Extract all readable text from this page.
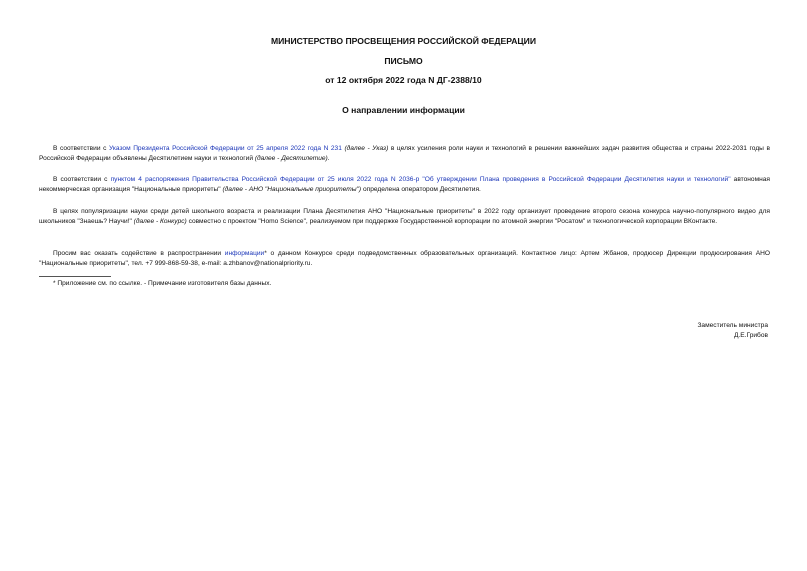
МИНИСТЕРСТВО ПРОСВЕЩЕНИЯ РОССИЙСКОЙ ФЕДЕРАЦИИ
ПИСЬМО
от 12 октября 2022 года N ДГ-2388/10
О направлении информации

В соответствии с Указом Президента Российской Федерации от 25 апреля 2022 года N 231 (далее - Указ) в целях усиления роли науки и технологий в решении важнейших задач развития общества и страны 2022-2031 годы в Российской Федерации объявлены Десятилетием науки и технологий (далее - Десятилетие).

В соответствии с пунктом 4 распоряжения Правительства Российской Федерации от 25 июля 2022 года N 2036-р "Об утверждении Плана проведения в Российской Федерации Десятилетия науки и технологий" автономная некоммерческая организация "Национальные приоритеты" (далее - АНО "Национальные приоритеты") определена оператором Десятилетия.

В целях популяризации науки среди детей школьного возраста и реализации Плана Десятилетия АНО "Национальные приоритеты" в 2022 году организует проведение второго сезона конкурса научно-популярного видео для школьников "Знаешь? Научи!" (далее - Конкурс) совместно с проектом "Homo Science", реализуемом при поддержке Государственной корпорации по атомной энергии "Росатом" и технологической корпорации ВКонтакте.

Просим вас оказать содействие в распространении информации* о данном Конкурсе среди подведомственных образовательных организаций. Контактное лицо: Артем Жбанов, продюсер Дирекции продюсирования АНО "Национальные приоритеты", тел. +7 999-868-59-38, e-mail: a.zhbanov@nationalpriority.ru.

* Приложение см. по ссылке. - Примечание изготовителя базы данных.
Заместитель министра
Д.Е.Грибов
